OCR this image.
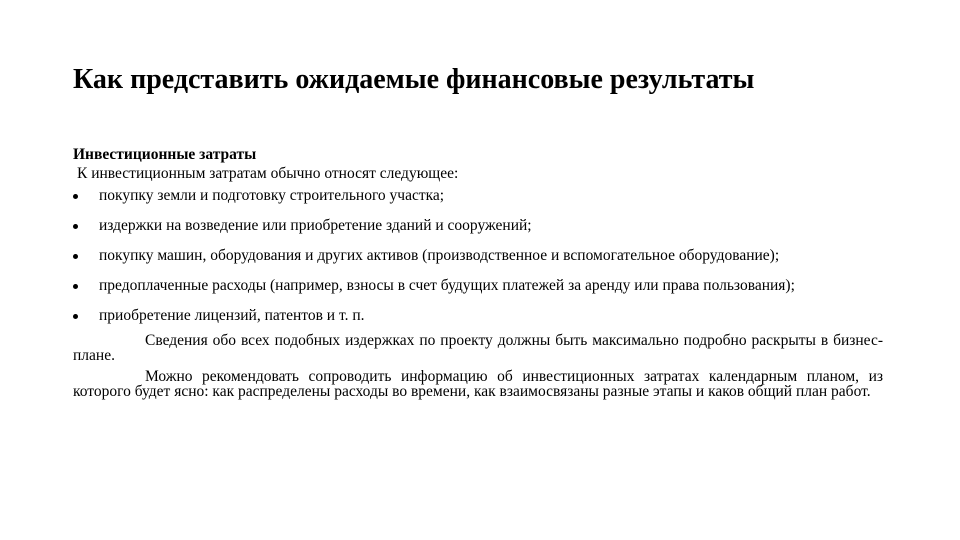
Как представить ожидаемые финансовые результаты

Инвестиционные затраты

К инвестиционным затратам обычно относят следующее:

покупку земли и подготовку строительного участка;
издержки на возведение или приобретение зданий и сооружений;
покупку машин, оборудования и других активов (производственное и вспомогательное оборудование);
предоплаченные расходы (например, взносы в счет будущих платежей за аренду или права пользования);
приобретение лицензий, патентов и т. п.

Сведения обо всех подобных издержках по проекту должны быть максимально подробно раскрыты в бизнес-плане.

Можно рекомендовать сопроводить информацию об инвестиционных затратах календарным планом, из которого будет ясно: как распределены расходы во времени, как взаимосвязаны разные этапы и каков общий план работ.
